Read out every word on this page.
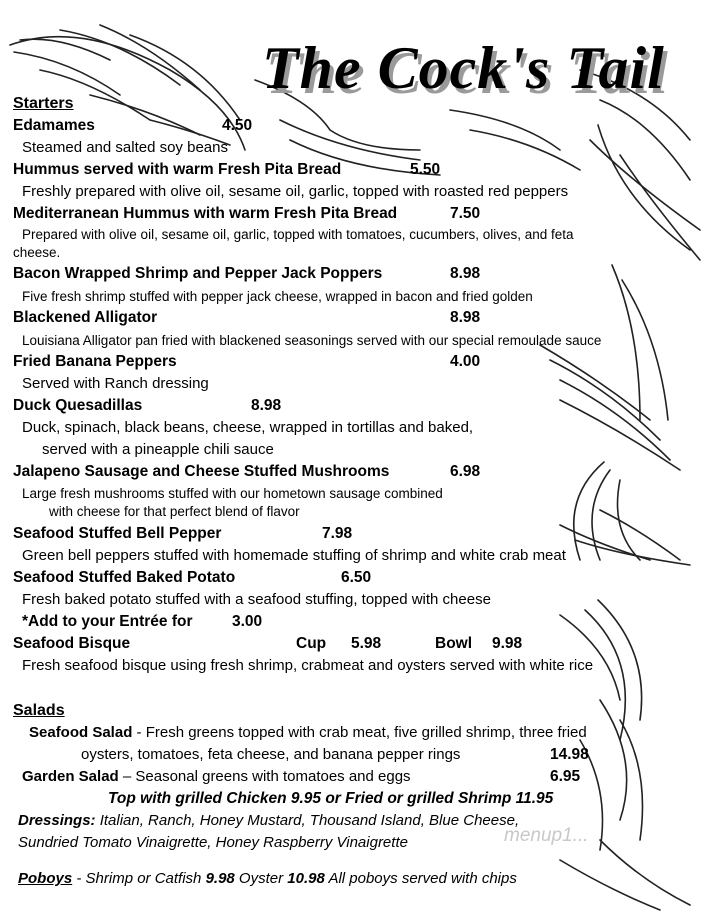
The Cock's Tail
Starters
Edamames	4.50
Steamed and salted soy beans
Hummus served with warm Fresh Pita Bread	5.50
Freshly prepared with olive oil, sesame oil, garlic, topped with roasted red peppers
Mediterranean Hummus with warm Fresh Pita Bread	7.50
Prepared with olive oil, sesame oil, garlic, topped with tomatoes, cucumbers, olives, and feta
cheese.
Bacon Wrapped Shrimp and Pepper Jack Poppers	8.98
Five fresh shrimp stuffed with pepper jack cheese, wrapped in bacon and fried golden
Blackened Alligator	8.98
Louisiana Alligator pan fried with blackened seasonings served with our special remoulade sauce
Fried Banana Peppers	4.00
Served with Ranch dressing
Duck Quesadillas	8.98
Duck, spinach, black beans, cheese, wrapped in tortillas and baked,
served with a pineapple chili sauce
Jalapeno Sausage and Cheese Stuffed Mushrooms	6.98
Large fresh mushrooms stuffed with our hometown sausage combined
with cheese for that perfect blend of flavor
Seafood Stuffed Bell Pepper	7.98
Green bell peppers stuffed with homemade stuffing of shrimp and white crab meat
Seafood Stuffed Baked Potato	6.50
Fresh baked potato stuffed with a seafood stuffing, topped with cheese
*Add to your Entrée for	3.00
Seafood Bisque	Cup 5.98	Bowl 9.98
Fresh seafood bisque using fresh shrimp, crabmeat and oysters served with white rice
Salads
Seafood Salad - Fresh greens topped with crab meat, five grilled shrimp, three fried
oysters, tomatoes, feta cheese, and banana pepper rings	14.98
Garden Salad – Seasonal greens with tomatoes and eggs	6.95
Top with grilled Chicken 9.95 or Fried or grilled Shrimp 11.95
Dressings: Italian, Ranch, Honey Mustard, Thousand Island, Blue Cheese,
Sundried Tomato Vinaigrette, Honey Raspberry Vinaigrette
Poboys - Shrimp or Catfish 9.98 Oyster 10.98 All poboys served with chips
menup1...
